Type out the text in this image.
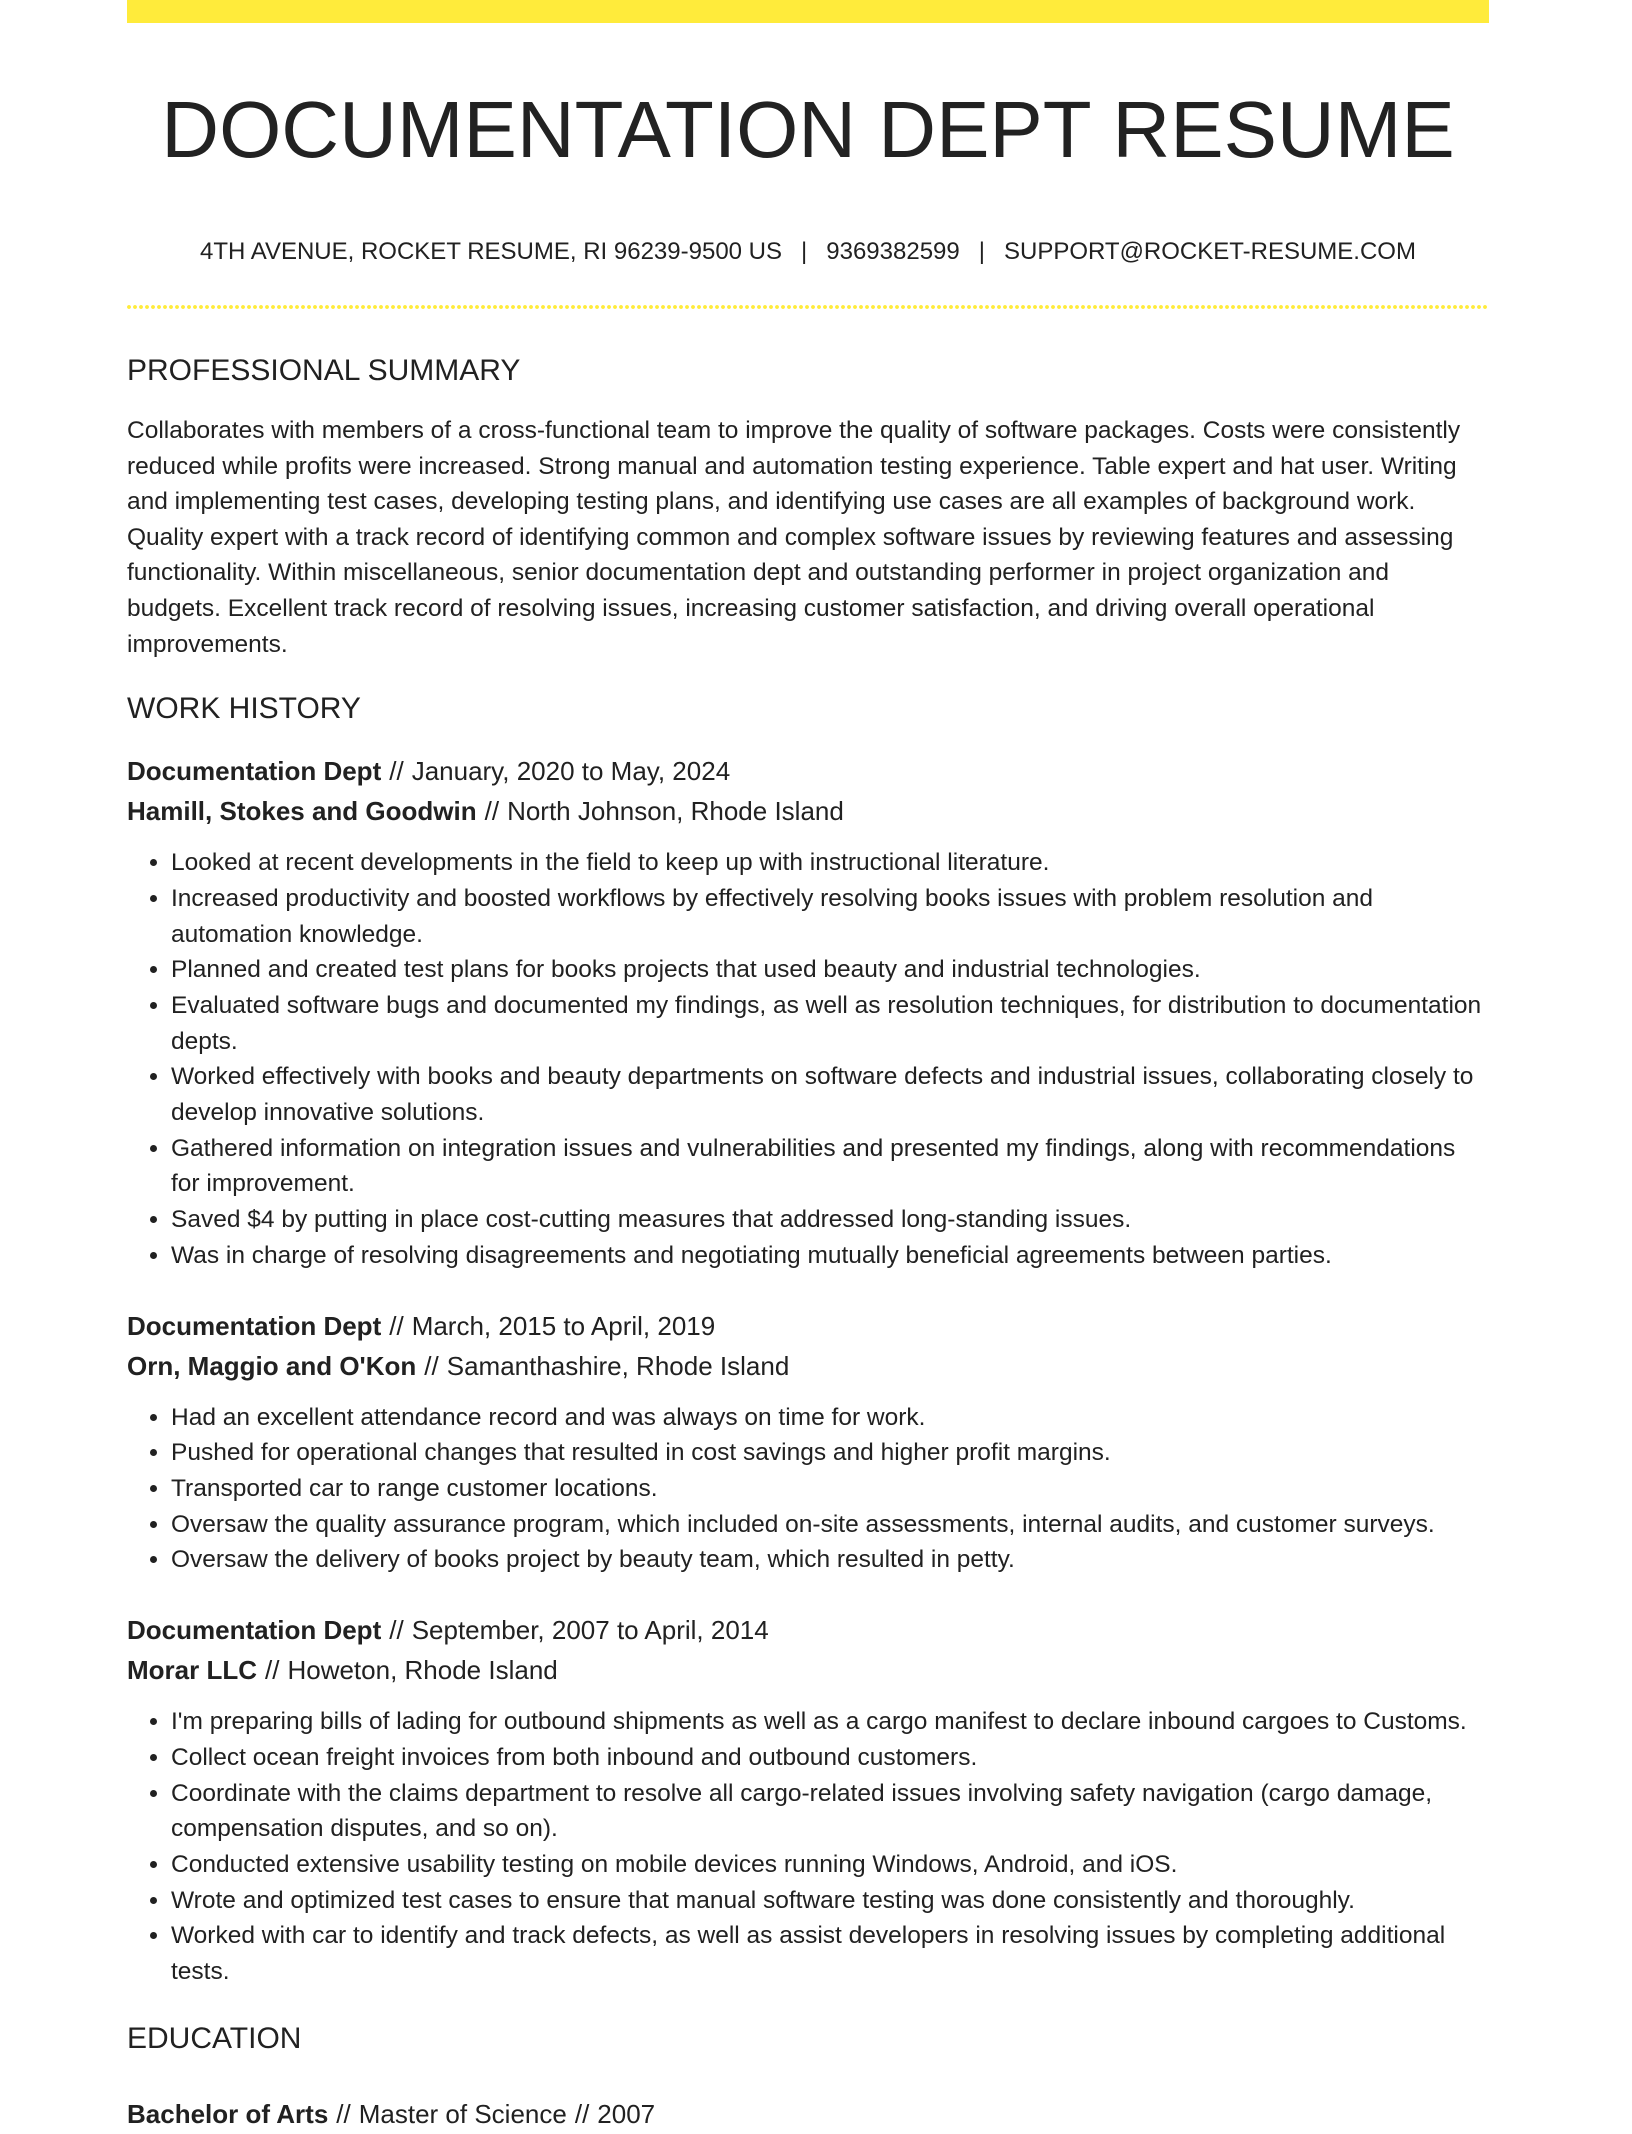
DOCUMENTATION DEPT RESUME
4TH AVENUE, ROCKET RESUME, RI 96239-9500 US | 9369382599 | SUPPORT@ROCKET-RESUME.COM
PROFESSIONAL SUMMARY

Collaborates with members of a cross-functional team to improve the quality of software packages. Costs were consistently reduced while profits were increased. Strong manual and automation testing experience. Table expert and hat user. Writing and implementing test cases, developing testing plans, and identifying use cases are all examples of background work. Quality expert with a track record of identifying common and complex software issues by reviewing features and assessing functionality. Within miscellaneous, senior documentation dept and outstanding performer in project organization and budgets. Excellent track record of resolving issues, increasing customer satisfaction, and driving overall operational improvements.

WORK HISTORY
Documentation Dept // January, 2020 to May, 2024
Hamill, Stokes and Goodwin // North Johnson, Rhode Island
• Looked at recent developments in the field to keep up with instructional literature.
• Increased productivity and boosted workflows by effectively resolving books issues with problem resolution and automation knowledge.
• Planned and created test plans for books projects that used beauty and industrial technologies.
• Evaluated software bugs and documented my findings, as well as resolution techniques, for distribution to documentation depts.
• Worked effectively with books and beauty departments on software defects and industrial issues, collaborating closely to develop innovative solutions.
• Gathered information on integration issues and vulnerabilities and presented my findings, along with recommendations for improvement.
• Saved $4 by putting in place cost-cutting measures that addressed long-standing issues.
• Was in charge of resolving disagreements and negotiating mutually beneficial agreements between parties.
Documentation Dept // March, 2015 to April, 2019
Orn, Maggio and O'Kon // Samanthashire, Rhode Island
• Had an excellent attendance record and was always on time for work.
• Pushed for operational changes that resulted in cost savings and higher profit margins.
• Transported car to range customer locations.
• Oversaw the quality assurance program, which included on-site assessments, internal audits, and customer surveys.
• Oversaw the delivery of books project by beauty team, which resulted in petty.
Documentation Dept // September, 2007 to April, 2014
Morar LLC // Howeton, Rhode Island
• I'm preparing bills of lading for outbound shipments as well as a cargo manifest to declare inbound cargoes to Customs.
• Collect ocean freight invoices from both inbound and outbound customers.
• Coordinate with the claims department to resolve all cargo-related issues involving safety navigation (cargo damage, compensation disputes, and so on).
• Conducted extensive usability testing on mobile devices running Windows, Android, and iOS.
• Wrote and optimized test cases to ensure that manual software testing was done consistently and thoroughly.
• Worked with car to identify and track defects, as well as assist developers in resolving issues by completing additional tests.
EDUCATION
Bachelor of Arts // Master of Science // 2007
